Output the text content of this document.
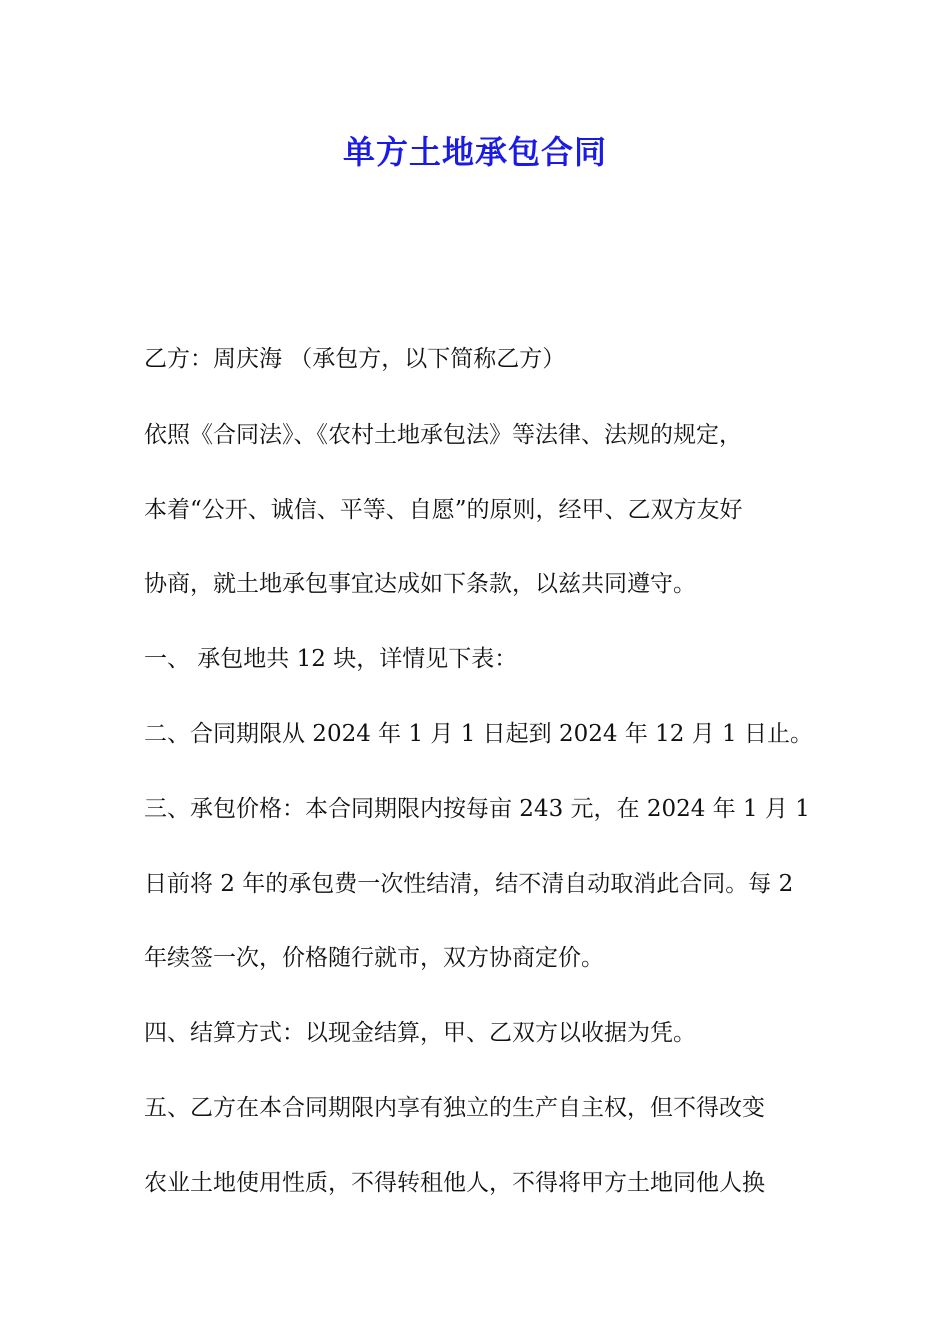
单方土地承包合同
乙方：周庆海 （承包方，以下简称乙方）
依照《合同法》、《农村土地承包法》等法律、法规的规定，
本着“公开、诚信、平等、自愿”的原则，经甲、乙双方友好
协商，就土地承包事宜达成如下条款，以兹共同遵守。
一、 承包地共 12 块，详情见下表：
二、合同期限从 2024 年 1 月 1 日起到 2024 年 12 月 1 日止。
三、承包价格：本合同期限内按每亩 243 元，在 2024 年 1 月 1
日前将 2 年的承包费一次性结清，结不清自动取消此合同。每 2
年续签一次，价格随行就市，双方协商定价。
四、结算方式：以现金结算，甲、乙双方以收据为凭。
五、乙方在本合同期限内享有独立的生产自主权，但不得改变
农业土地使用性质，不得转租他人，不得将甲方土地同他人换
